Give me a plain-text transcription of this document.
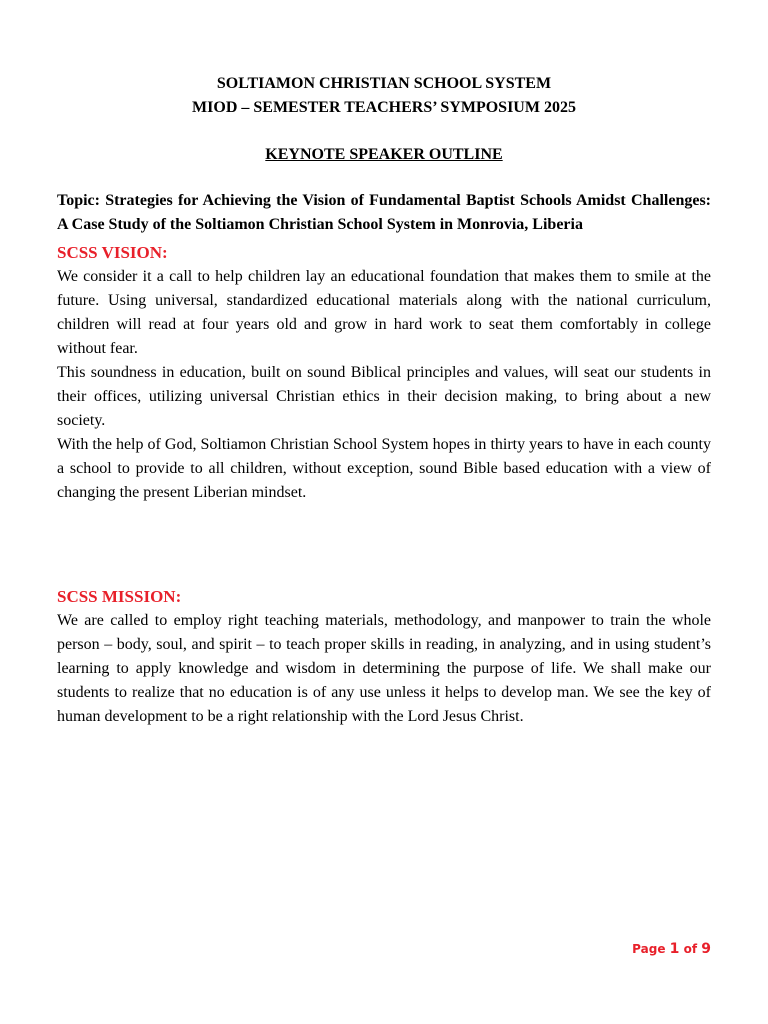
SOLTIAMON CHRISTIAN SCHOOL SYSTEM
MIOD – SEMESTER TEACHERS’ SYMPOSIUM 2025
KEYNOTE SPEAKER OUTLINE
Topic: Strategies for Achieving the Vision of Fundamental Baptist Schools Amidst Challenges: A Case Study of the Soltiamon Christian School System in Monrovia, Liberia
SCSS VISION:
We consider it a call to help children lay an educational foundation that makes them to smile at the future. Using universal, standardized educational materials along with the national curriculum, children will read at four years old and grow in hard work to seat them comfortably in college without fear.
This soundness in education, built on sound Biblical principles and values, will seat our students in their offices, utilizing universal Christian ethics in their decision making, to bring about a new society.
With the help of God, Soltiamon Christian School System hopes in thirty years to have in each county a school to provide to all children, without exception, sound Bible based education with a view of changing the present Liberian mindset.
SCSS MISSION:
We are called to employ right teaching materials, methodology, and manpower to train the whole person – body, soul, and spirit – to teach proper skills in reading, in analyzing, and in using student’s learning to apply knowledge and wisdom in determining the purpose of life. We shall make our students to realize that no education is of any use unless it helps to develop man. We see the key of human development to be a right relationship with the Lord Jesus Christ.
Page 1 of 9
